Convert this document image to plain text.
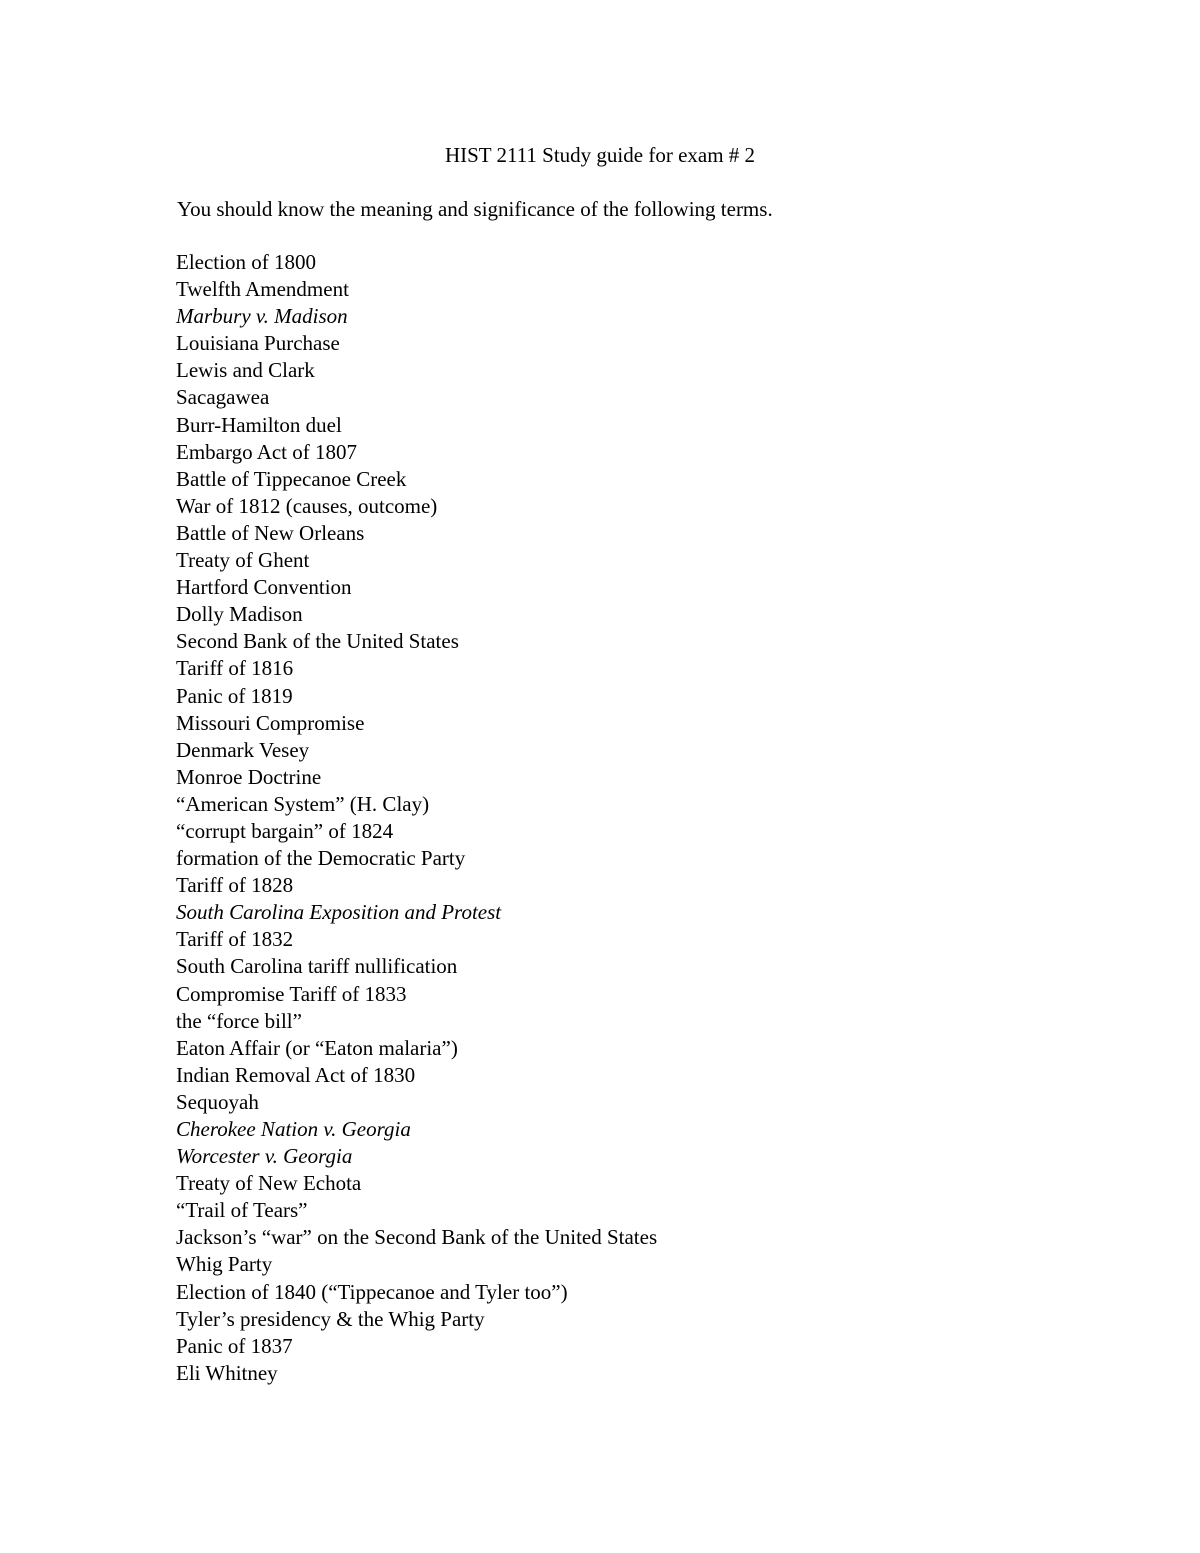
HIST 2111 Study guide for exam # 2

You should know the meaning and significance of the following terms.

Election of 1800
Twelfth Amendment
Marbury v. Madison
Louisiana Purchase
Lewis and Clark
Sacagawea
Burr-Hamilton duel
Embargo Act of 1807
Battle of Tippecanoe Creek
War of 1812 (causes, outcome)
Battle of New Orleans
Treaty of Ghent
Hartford Convention
Dolly Madison
Second Bank of the United States
Tariff of 1816
Panic of 1819
Missouri Compromise
Denmark Vesey
Monroe Doctrine
“American System” (H. Clay)
“corrupt bargain” of 1824
formation of the Democratic Party
Tariff of 1828
South Carolina Exposition and Protest
Tariff of 1832
South Carolina tariff nullification
Compromise Tariff of 1833
the “force bill”
Eaton Affair (or “Eaton malaria”)
Indian Removal Act of 1830
Sequoyah
Cherokee Nation v. Georgia
Worcester v. Georgia
Treaty of New Echota
“Trail of Tears”
Jackson’s “war” on the Second Bank of the United States
Whig Party
Election of 1840 (“Tippecanoe and Tyler too”)
Tyler’s presidency & the Whig Party
Panic of 1837
Eli Whitney
